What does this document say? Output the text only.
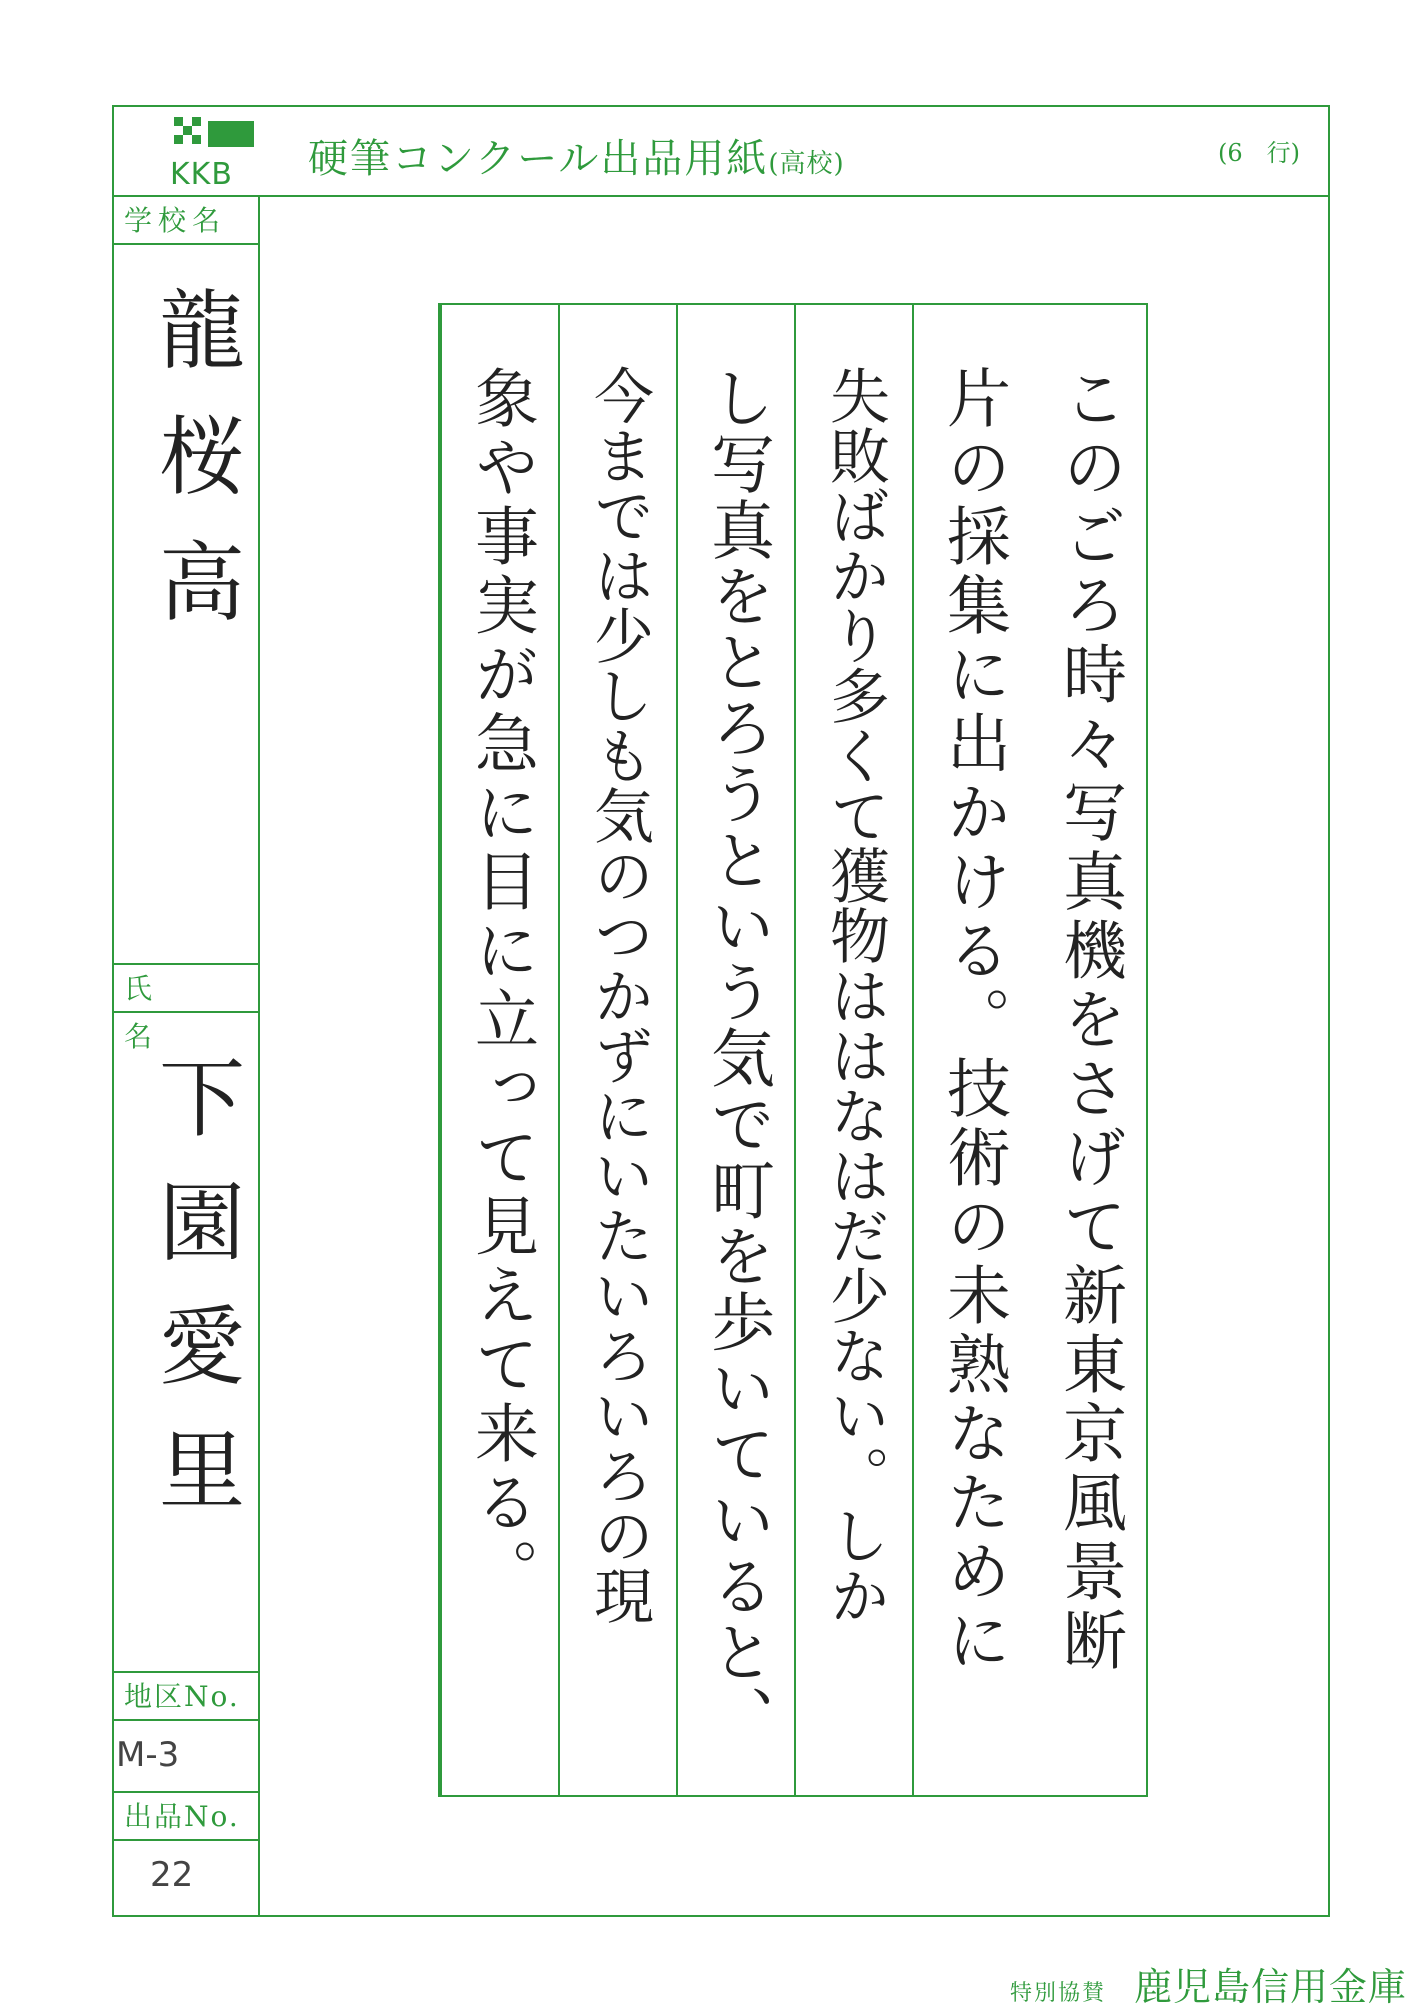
KKB 硬筆コンクール出品用紙(高校)	(6　行)
学校名
龍桜高
氏　　名
下園愛里
地区No.
M-3
出品No.
22
このごろ時々写真機をさげて新東京風景断
片の採集に出かける。技術の未熟なために
失敗ばかり多くて獲物ははなはだ少ない。しか
し写真をとろうという気で町を歩いていると、
今までは少しも気のつかずにいたいろいろの現
象や事実が急に目に立って見えて来る。
特別協賛 鹿児島信用金庫
